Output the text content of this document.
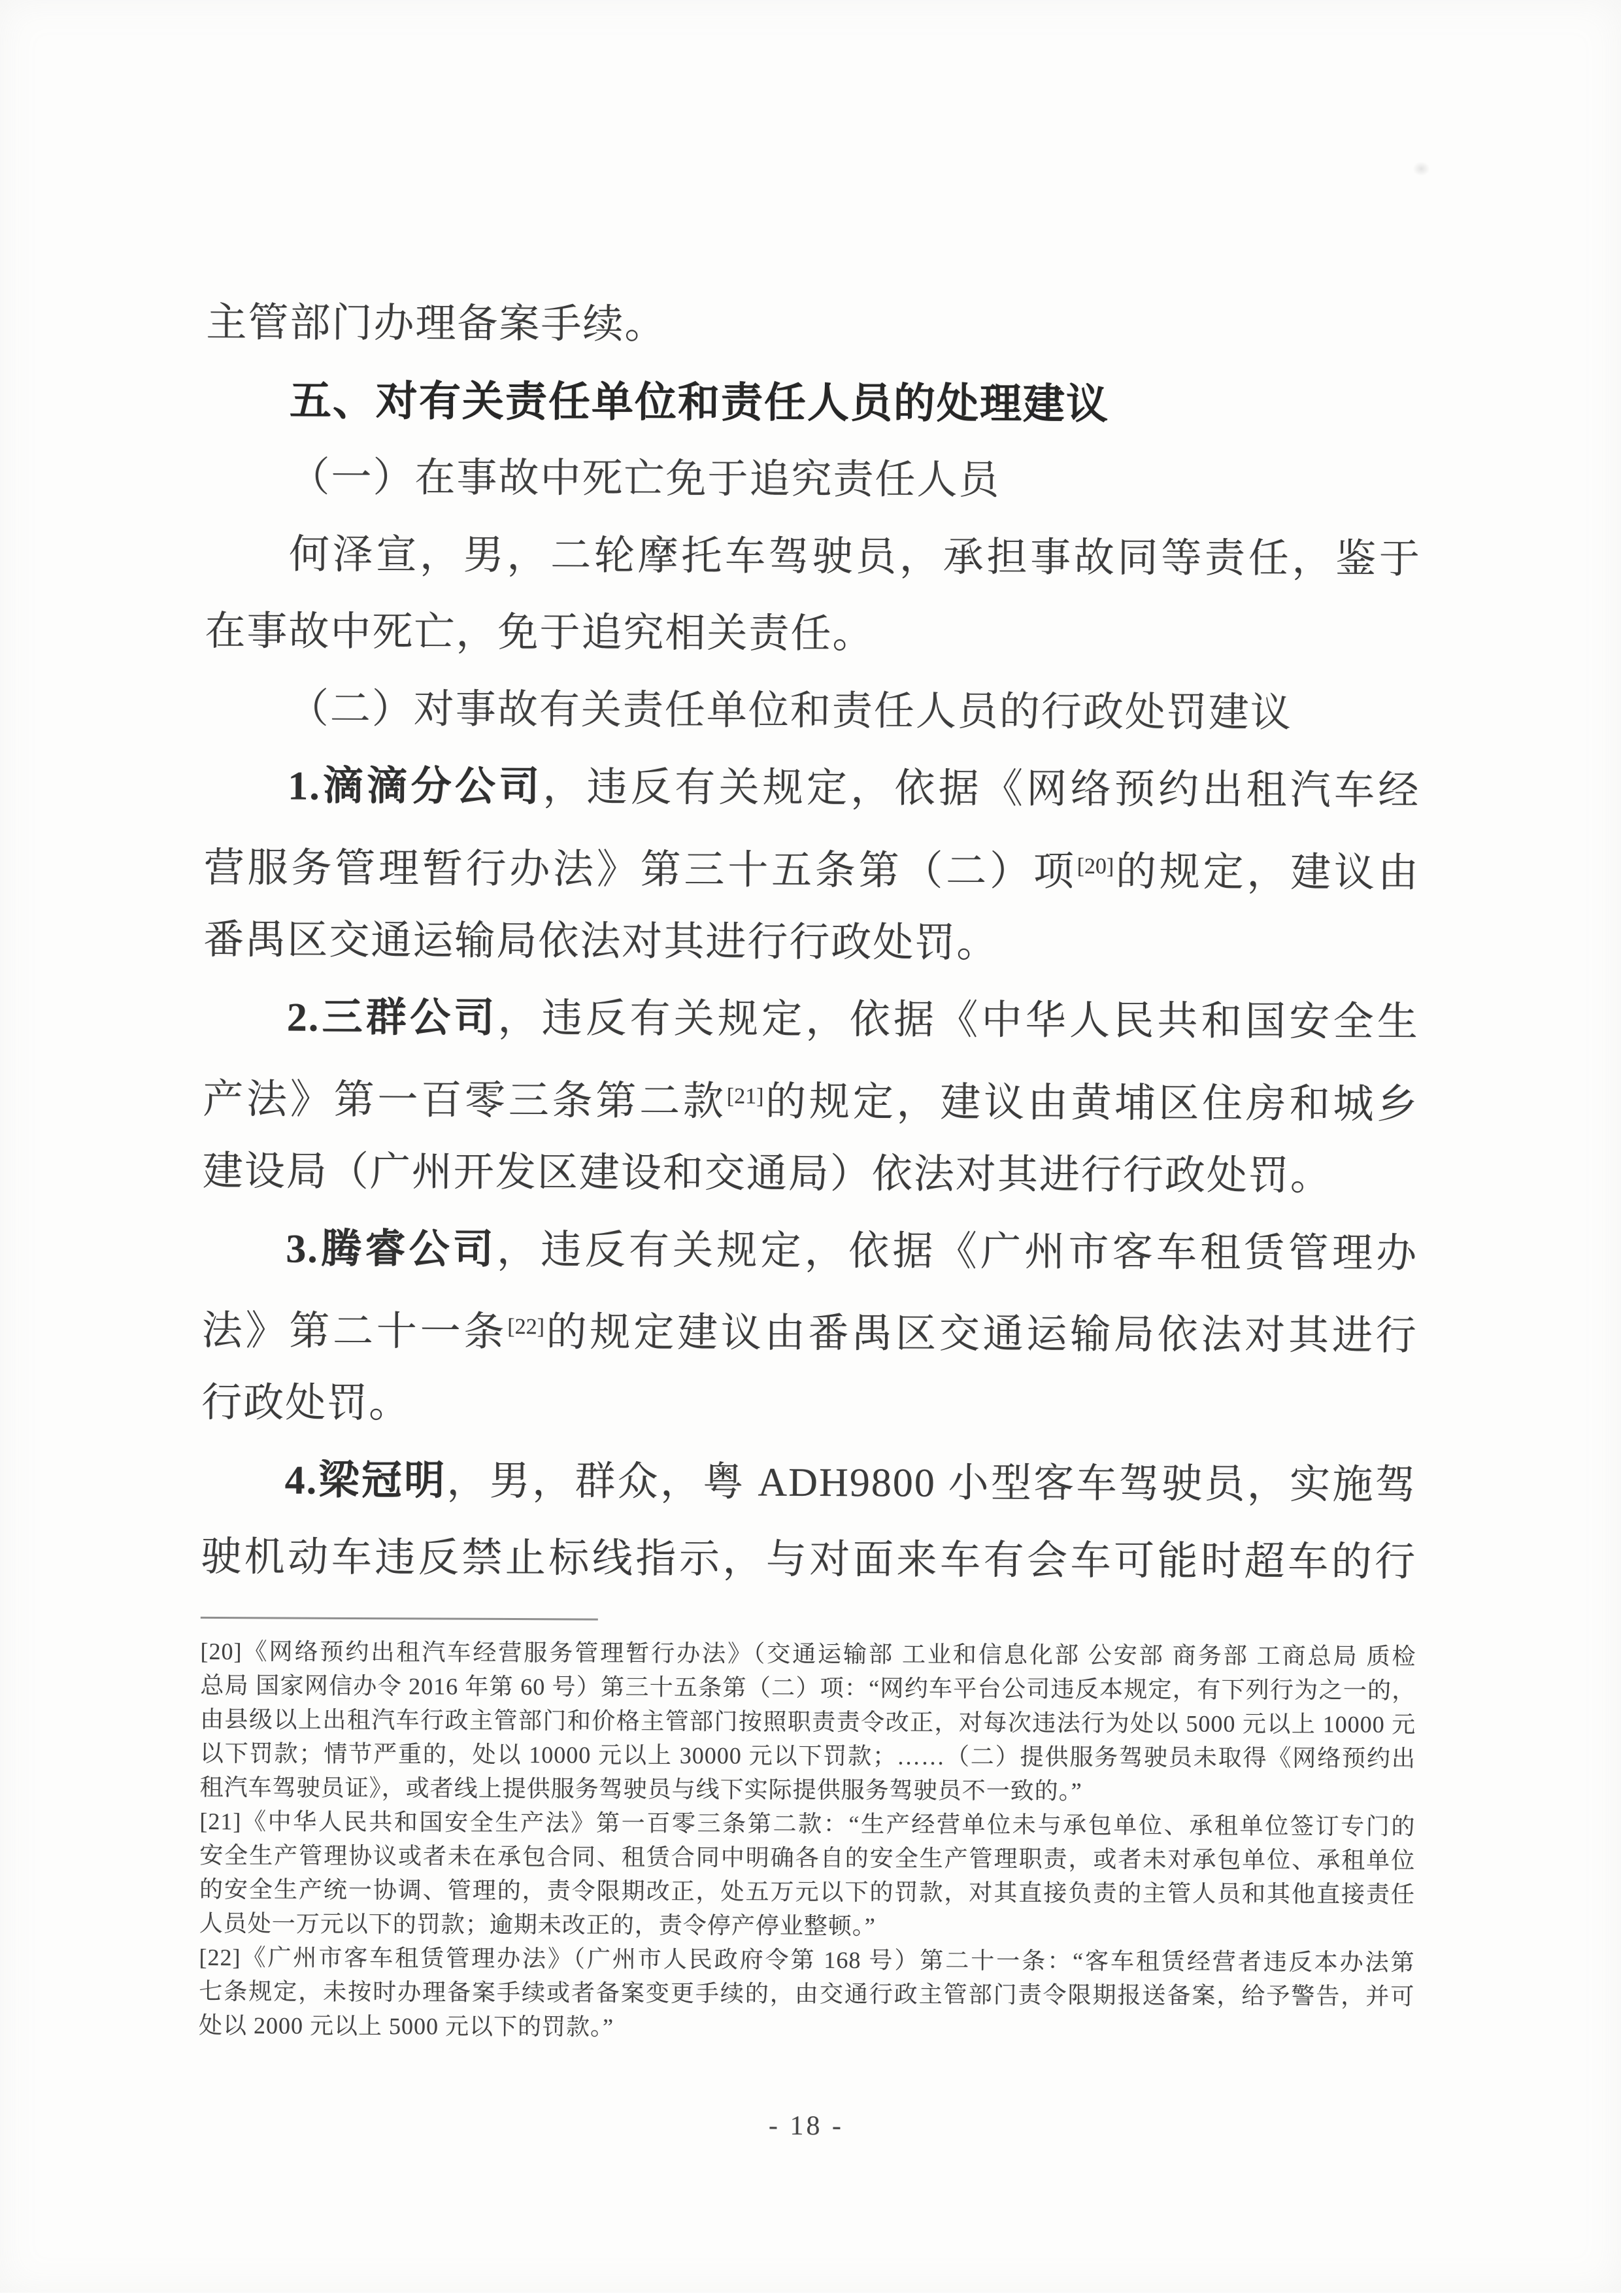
主管部门办理备案手续。
五、对有关责任单位和责任人员的处理建议
（一）在事故中死亡免于追究责任人员
何泽宣，男，二轮摩托车驾驶员，承担事故同等责任，鉴于
在事故中死亡，免于追究相关责任。
（二）对事故有关责任单位和责任人员的行政处罚建议
1.滴滴分公司，违反有关规定，依据《网络预约出租汽车经
营服务管理暂行办法》第三十五条第（二）项[20]的规定，建议由
番禺区交通运输局依法对其进行行政处罚。
2.三群公司，违反有关规定，依据《中华人民共和国安全生
产法》第一百零三条第二款[21]的规定，建议由黄埔区住房和城乡
建设局（广州开发区建设和交通局）依法对其进行行政处罚。
3.腾睿公司，违反有关规定，依据《广州市客车租赁管理办
法》第二十一条[22]的规定建议由番禺区交通运输局依法对其进行
行政处罚。
4.梁冠明，男，群众，粤 ADH9800 小型客车驾驶员，实施驾
驶机动车违反禁止标线指示，与对面来车有会车可能时超车的行
[20]《网络预约出租汽车经营服务管理暂行办法》（交通运输部 工业和信息化部 公安部 商务部 工商总局 质检
总局 国家网信办令 2016 年第 60 号）第三十五条第（二）项：“网约车平台公司违反本规定，有下列行为之一的，
由县级以上出租汽车行政主管部门和价格主管部门按照职责责令改正，对每次违法行为处以 5000 元以上 10000 元
以下罚款；情节严重的，处以 10000 元以上 30000 元以下罚款；……（二）提供服务驾驶员未取得《网络预约出
租汽车驾驶员证》，或者线上提供服务驾驶员与线下实际提供服务驾驶员不一致的。”
[21]《中华人民共和国安全生产法》第一百零三条第二款：“生产经营单位未与承包单位、承租单位签订专门的
安全生产管理协议或者未在承包合同、租赁合同中明确各自的安全生产管理职责，或者未对承包单位、承租单位
的安全生产统一协调、管理的，责令限期改正，处五万元以下的罚款，对其直接负责的主管人员和其他直接责任
人员处一万元以下的罚款；逾期未改正的，责令停产停业整顿。”
[22]《广州市客车租赁管理办法》（广州市人民政府令第 168 号）第二十一条：“客车租赁经营者违反本办法第
七条规定，未按时办理备案手续或者备案变更手续的，由交通行政主管部门责令限期报送备案，给予警告，并可
处以 2000 元以上 5000 元以下的罚款。”
- 18 -
